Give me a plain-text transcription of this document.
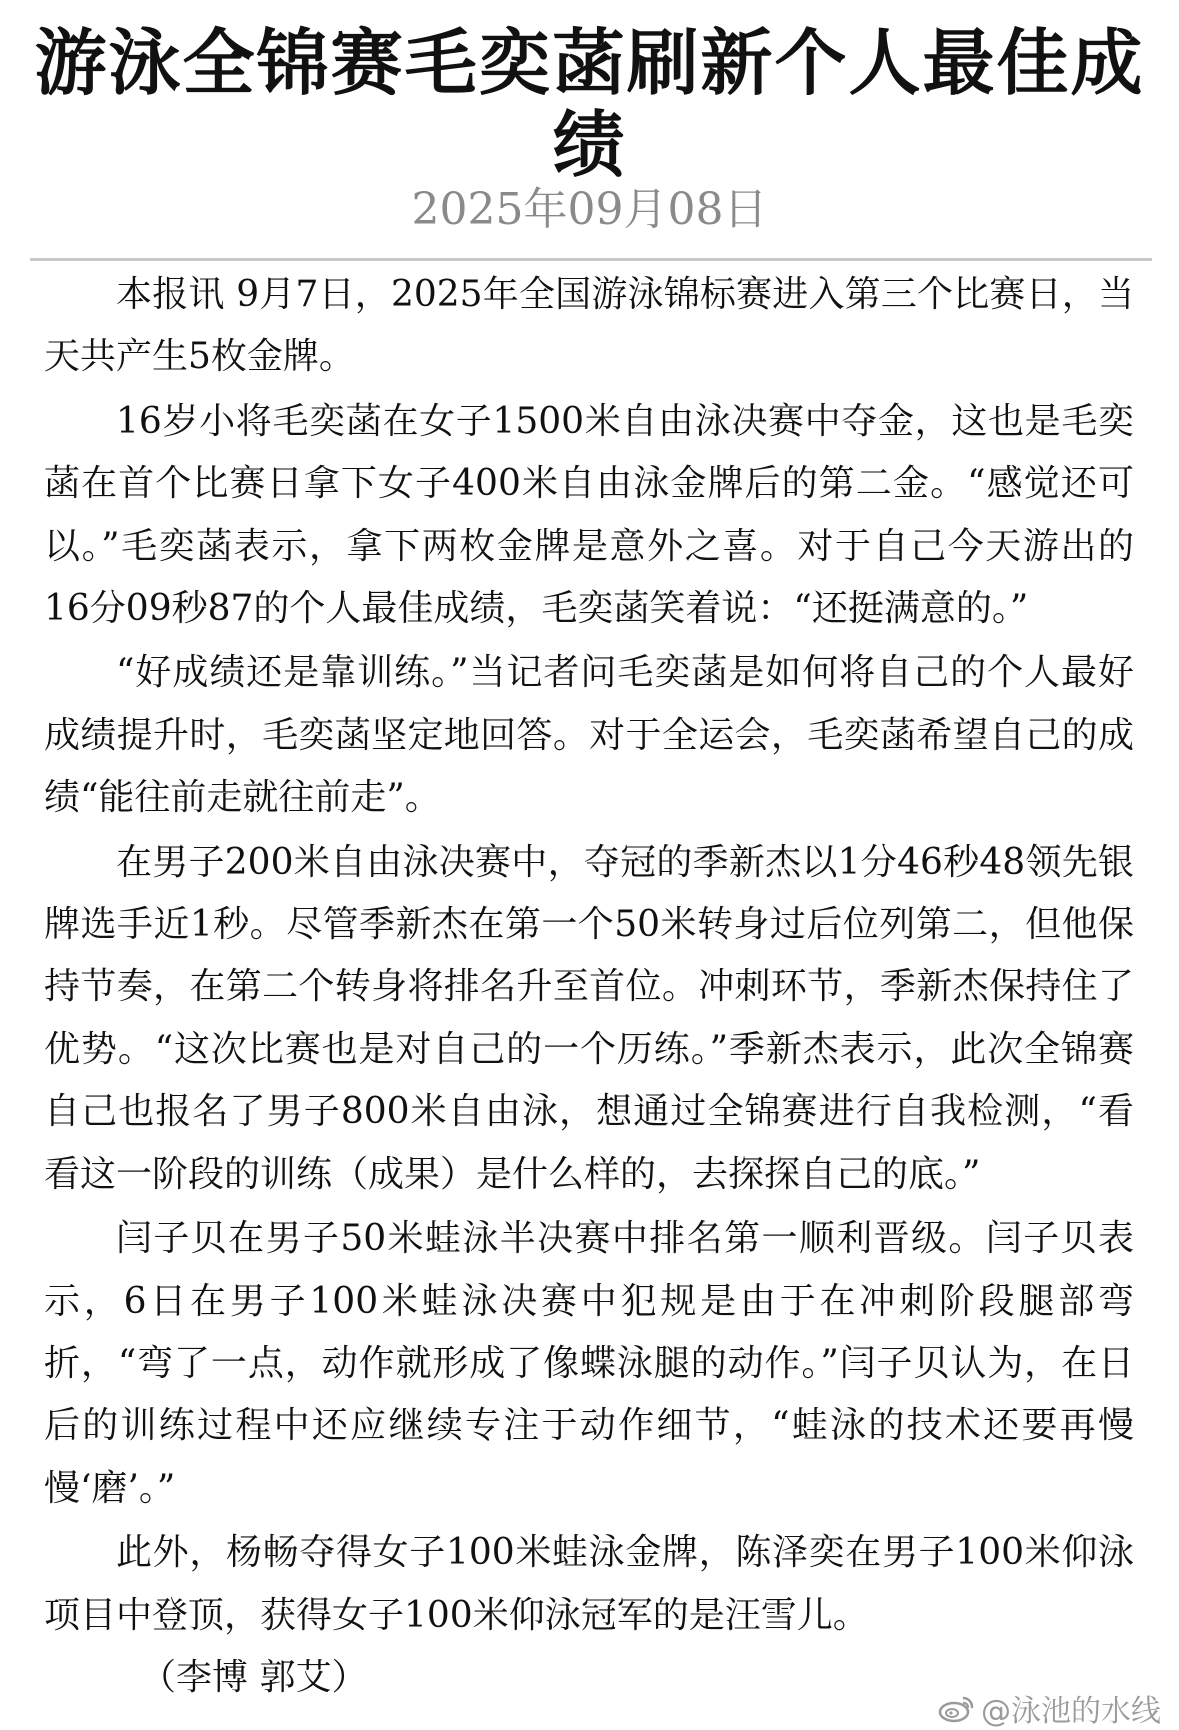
游泳全锦赛毛奕菡刷新个人最佳成绩
2025年09月08日

本报讯 9月7日，2025年全国游泳锦标赛进入第三个比赛日，当天共产生5枚金牌。

16岁小将毛奕菡在女子1500米自由泳决赛中夺金，这也是毛奕菡在首个比赛日拿下女子400米自由泳金牌后的第二金。“感觉还可以。”毛奕菡表示，拿下两枚金牌是意外之喜。对于自己今天游出的16分09秒87的个人最佳成绩，毛奕菡笑着说：“还挺满意的。”

“好成绩还是靠训练。”当记者问毛奕菡是如何将自己的个人最好成绩提升时，毛奕菡坚定地回答。对于全运会，毛奕菡希望自己的成绩“能往前走就往前走”。

在男子200米自由泳决赛中，夺冠的季新杰以1分46秒48领先银牌选手近1秒。尽管季新杰在第一个50米转身过后位列第二，但他保持节奏，在第二个转身将排名升至首位。冲刺环节，季新杰保持住了优势。“这次比赛也是对自己的一个历练。”季新杰表示，此次全锦赛自己也报名了男子800米自由泳，想通过全锦赛进行自我检测，“看看这一阶段的训练（成果）是什么样的，去探探自己的底。”

闫子贝在男子50米蛙泳半决赛中排名第一顺利晋级。闫子贝表示，6日在男子100米蛙泳决赛中犯规是由于在冲刺阶段腿部弯折，“弯了一点，动作就形成了像蝶泳腿的动作。”闫子贝认为，在日后的训练过程中还应继续专注于动作细节，“蛙泳的技术还要再慢慢‘磨’。”

此外，杨畅夺得女子100米蛙泳金牌，陈泽奕在男子100米仰泳项目中登顶，获得女子100米仰泳冠军的是汪雪儿。

（李博 郭艾）
@泳池的水线
